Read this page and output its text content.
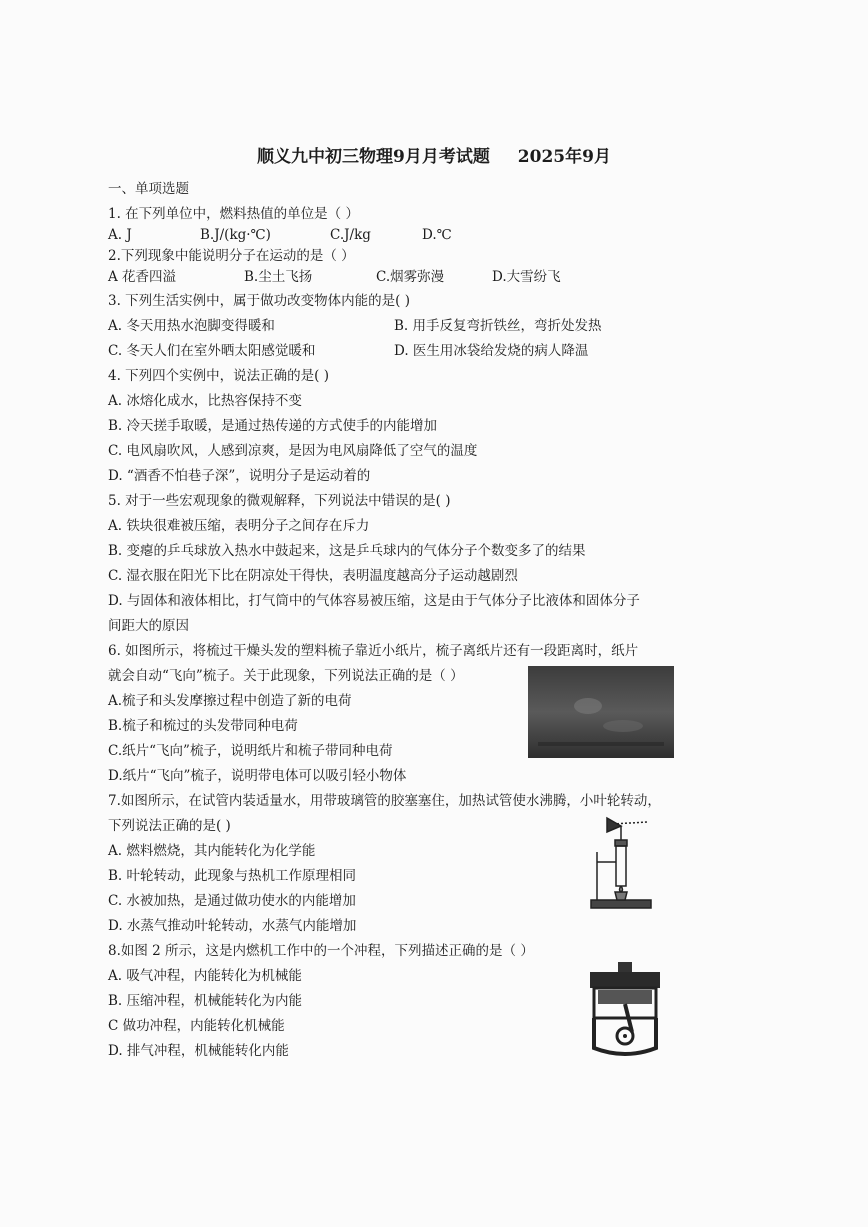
顺义九中初三物理9月月考试题 2025年9月
一、单项选题
1. 在下列单位中，燃料热值的单位是（ ）
A. J	B.J/(kg·℃)	C.J/kg	D.℃
2.下列现象中能说明分子在运动的是（ ）
A 花香四溢	B.尘土飞扬	C.烟雾弥漫	D.大雪纷飞
3. 下列生活实例中，属于做功改变物体内能的是( )
A. 冬天用热水泡脚变得暖和	B. 用手反复弯折铁丝，弯折处发热
C. 冬天人们在室外晒太阳感觉暖和	D. 医生用冰袋给发烧的病人降温
4. 下列四个实例中，说法正确的是( )
A. 冰熔化成水，比热容保持不变
B. 冷天搓手取暖，是通过热传递的方式使手的内能增加
C. 电风扇吹风，人感到凉爽，是因为电风扇降低了空气的温度
D. “酒香不怕巷子深”，说明分子是运动着的
5. 对于一些宏观现象的微观解释，下列说法中错误的是( )
A. 铁块很难被压缩，表明分子之间存在斥力
B. 变瘪的乒乓球放入热水中鼓起来，这是乒乓球内的气体分子个数变多了的结果
C. 湿衣服在阳光下比在阴凉处干得快，表明温度越高分子运动越剧烈
D. 与固体和液体相比，打气筒中的气体容易被压缩，这是由于气体分子比液体和固体分子
间距大的原因
6. 如图所示，将梳过干燥头发的塑料梳子靠近小纸片，梳子离纸片还有一段距离时，纸片
就会自动“飞向”梳子。关于此现象，下列说法正确的是（ ）
A.梳子和头发摩擦过程中创造了新的电荷
B.梳子和梳过的头发带同种电荷
C.纸片“飞向”梳子，说明纸片和梳子带同种电荷
D.纸片“飞向”梳子，说明带电体可以吸引轻小物体
7.如图所示，在试管内装适量水，用带玻璃管的胶塞塞住，加热试管使水沸腾，小叶轮转动，
下列说法正确的是( )
A. 燃料燃烧，其内能转化为化学能
B. 叶轮转动，此现象与热机工作原理相同
C. 水被加热，是通过做功使水的内能增加
D. 水蒸气推动叶轮转动，水蒸气内能增加
8.如图 2 所示，这是内燃机工作中的一个冲程，下列描述正确的是（ ）
A. 吸气冲程，内能转化为机械能
B. 压缩冲程，机械能转化为内能
C 做功冲程，内能转化机械能
D. 排气冲程，机械能转化内能
